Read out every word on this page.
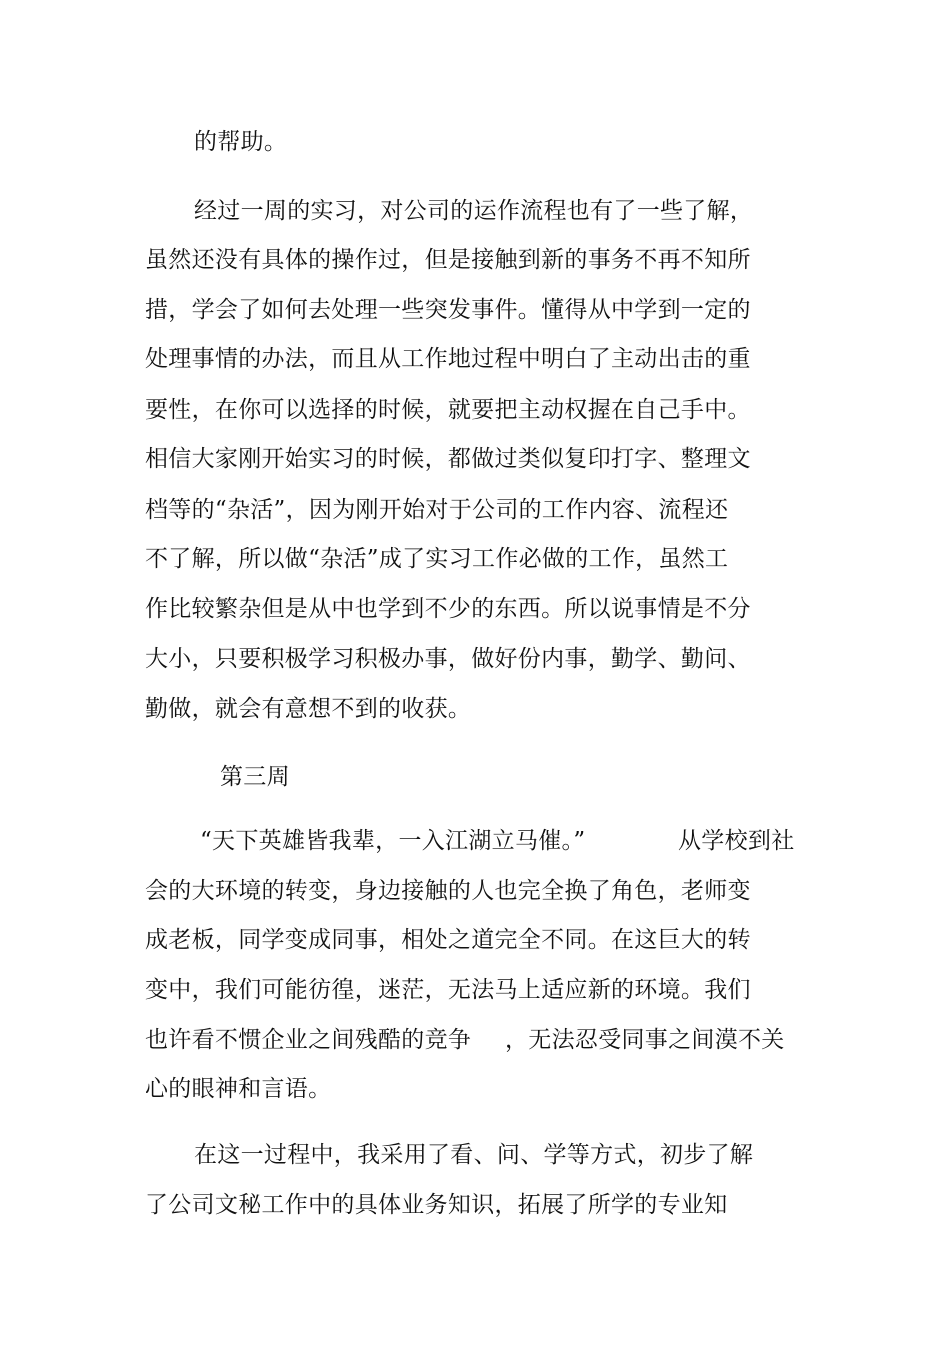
的帮助。
经过一周的实习，对公司的运作流程也有了一些了解，
虽然还没有具体的操作过，但是接触到新的事务不再不知所
措，学会了如何去处理一些突发事件。懂得从中学到一定的
处理事情的办法，而且从工作地过程中明白了主动出击的重
要性，在你可以选择的时候，就要把主动权握在自己手中。
相信大家刚开始实习的时候，都做过类似复印打字、整理文
档等的“杂活”，因为刚开始对于公司的工作内容、流程还
不了解，所以做“杂活”成了实习工作必做的工作，虽然工
作比较繁杂但是从中也学到不少的东西。所以说事情是不分
大小，只要积极学习积极办事，做好份内事，勤学、勤问、
勤做，就会有意想不到的收获。
第三周
“天下英雄皆我辈，一入江湖立马催。”	从学校到社
会的大环境的转变，身边接触的人也完全换了角色，老师变
成老板，同学变成同事，相处之道完全不同。在这巨大的转
变中，我们可能彷徨，迷茫，无法马上适应新的环境。我们
也许看不惯企业之间残酷的竞争 ，无法忍受同事之间漠不关
心的眼神和言语。
在这一过程中，我采用了看、问、学等方式，初步了解
了公司文秘工作中的具体业务知识，拓展了所学的专业知
